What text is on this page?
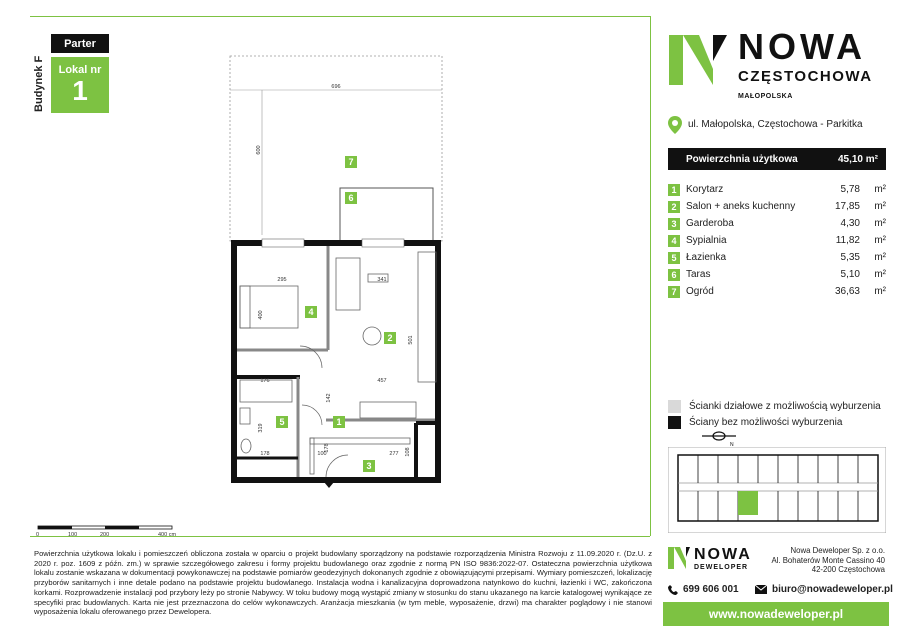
Parter
Lokal nr
1
Budynek F
7
6
4
2
1
5
3
696
600
295
400
341
501
457
176
319
142
178	100
178
277 108
0	100	200	400 cm
NOWA
CZĘSTOCHOWA
MAŁOPOLSKA
ul. Małopolska, Częstochowa - Parkitka
Powierzchnia użytkowa	45,10 m²
1 Korytarz	5,78	m²
2 Salon + aneks kuchenny	17,85	m²
3 Garderoba	4,30	m²
4 Sypialnia	11,82	m²
5 Łazienka	5,35	m²
6 Taras	5,10	m²
7 Ogród	36,63	m²
Ścianki działowe z możliwością wyburzenia
Ściany bez możliwości wyburzenia
N
Powierzchnia użytkowa lokalu i pomieszczeń obliczona została w oparciu o projekt budowlany sporządzony na podstawie rozporządzenia Ministra Rozwoju z 11.09.2020 r. (Dz.U. z 2020 r. poz. 1609 z późn. zm.) w sprawie szczegółowego zakresu i formy projektu budowlanego oraz zgodnie z normą PN ISO 9836:2022-07. Ostateczna powierzchnia użytkowa lokalu zostanie wskazana w dokumentacji powykonawczej na podstawie pomiarów geodezyjnych dokonanych zgodnie z obowiązującymi przepisami. Wymiary pomieszczeń, lokalizację przyborów sanitarnych i inne detale podano na podstawie projektu budowlanego. Instalacja wodna i kanalizacyjna doprowadzona natynkowo do kuchni, łazienki i WC, zakończona korkami. Rozprowadzenie instalacji pod przybory leży po stronie Nabywcy. W toku budowy mogą wystąpić zmiany w stosunku do stanu ukazanego na karcie katalogowej wynikające ze specyfiki prac budowlanych. Karta nie jest przeznaczona do celów wykonawczych. Aranżacja mieszkania (w tym meble, wyposażenie, drzwi) ma charakter poglądowy i nie stanowi wyposażenia lokalu oferowanego przez Dewelopera.
NOWA
DEWELOPER
Nowa Deweloper Sp. z o.o.
Al. Bohaterów Monte Cassino 40
42-200 Częstochowa
699 606 001	biuro@nowadeweloper.pl
www.nowadeweloper.pl
